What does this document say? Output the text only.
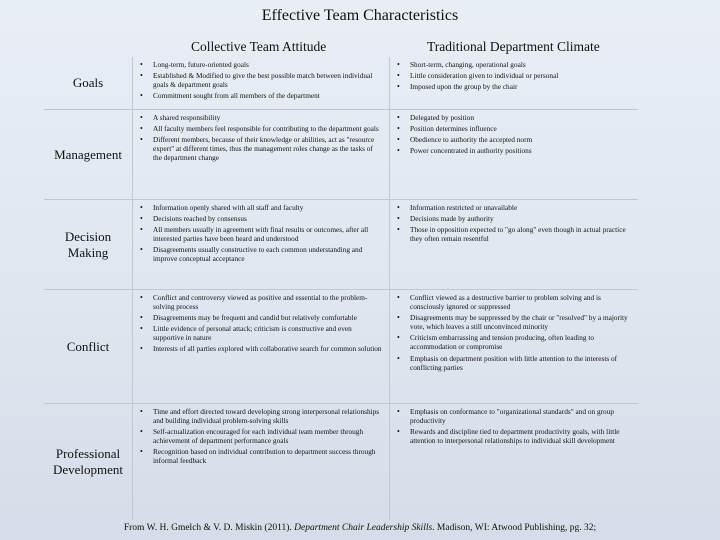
Effective Team Characteristics
Collective Team Attitude	Traditional Department Climate
Goals
• Long-term, future-oriented goals
• Established & Modified to give the best possible match between individual goals & department goals
• Commitment sought from all members of the department
• Short-term, changing, operational goals
• Little consideration given to individual or personal
• Imposed upon the group by the chair
Management
• A shared responsibility
• All faculty members feel responsible for contributing to the department goals
• Different members, because of their knowledge or abilities, act as "resource expert" at different times, thus the management roles change as the tasks of the department change
• Delegated by position
• Position determines influence
• Obedience to authority the accepted norm
• Power concentrated in authority positions
Decision Making
• Information openly shared with all staff and faculty
• Decisions reached by consensus
• All members usually in agreement with final results or outcomes, after all interested parties have been heard and understood
• Disagreements usually constructive to each common understanding and improve conceptual acceptance
• Information restricted or unavailable
• Decisions made by authority
• Those in opposition expected to "go along" even though in actual practice they often remain resentful
Conflict
• Conflict and controversy viewed as positive and essential to the problem-solving process
• Disagreements may be frequent and candid but relatively comfortable
• Little evidence of personal attack; criticism is constructive and even supportive in nature
• Interests of all parties explored with collaborative search for common solution
• Conflict viewed as a destructive barrier to problem solving and is consciously ignored or suppressed
• Disagreements may be suppressed by the chair or "resolved" by a majority vote, which leaves a still unconvinced minority
• Criticism embarrassing and tension producing, often leading to accommodation or compromise
• Emphasis on department position with little attention to the interests of conflicting parties
Professional Development
• Time and effort directed toward developing strong interpersonal relationships and building individual problem-solving skills
• Self-actualization encouraged for each individual team member through achievement of department performance goals
• Recognition based on individual contribution to department success through informal feedback
• Emphasis on conformance to "organizational standards" and on group productivity
• Rewards and discipline tied to department productivity goals, with little attention to interpersonal relationships to individual skill development
From W. H. Gmelch & V. D. Miskin (2011). Department Chair Leadership Skills. Madison, WI: Atwood Publishing, pg. 32;
